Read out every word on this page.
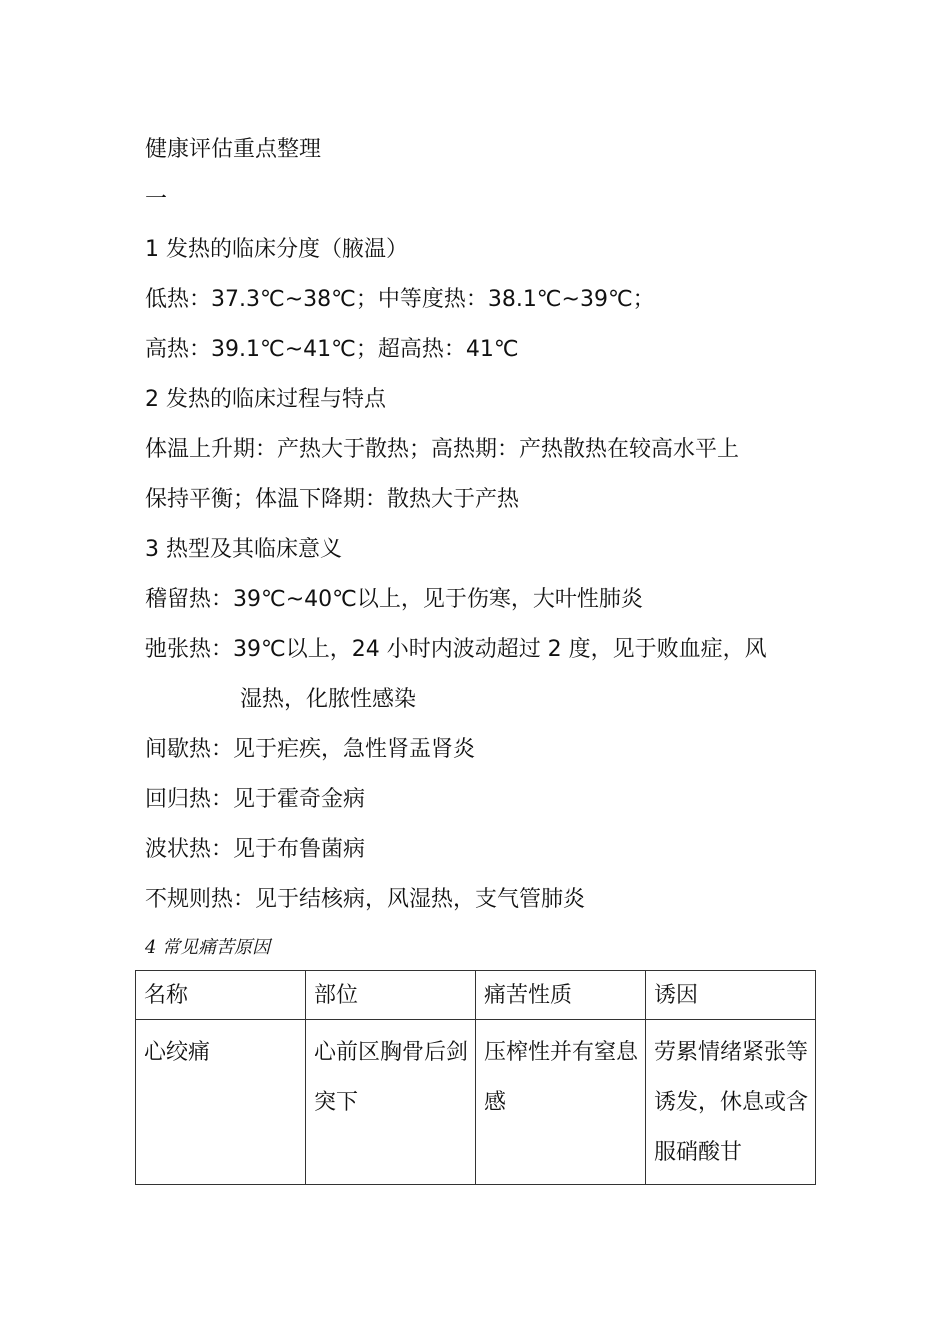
健康评估重点整理
一
1 发热的临床分度（腋温）
低热：37.3℃~38℃；中等度热：38.1℃~39℃；
高热：39.1℃~41℃；超高热：41℃
2 发热的临床过程与特点
体温上升期：产热大于散热；高热期：产热散热在较高水平上
保持平衡；体温下降期：散热大于产热
3 热型及其临床意义
稽留热：39℃~40℃以上，见于伤寒，大叶性肺炎
弛张热：39℃以上，24 小时内波动超过 2 度，见于败血症，风
湿热，化脓性感染
间歇热：见于疟疾，急性肾盂肾炎
回归热：见于霍奇金病
波状热：见于布鲁菌病
不规则热：见于结核病，风湿热，支气管肺炎
4 常见痛苦原因
名称	部位	痛苦性质	诱因
心绞痛	心前区胸骨后剑突下	压榨性并有窒息感	劳累情绪紧张等诱发，休息或含服硝酸甘
